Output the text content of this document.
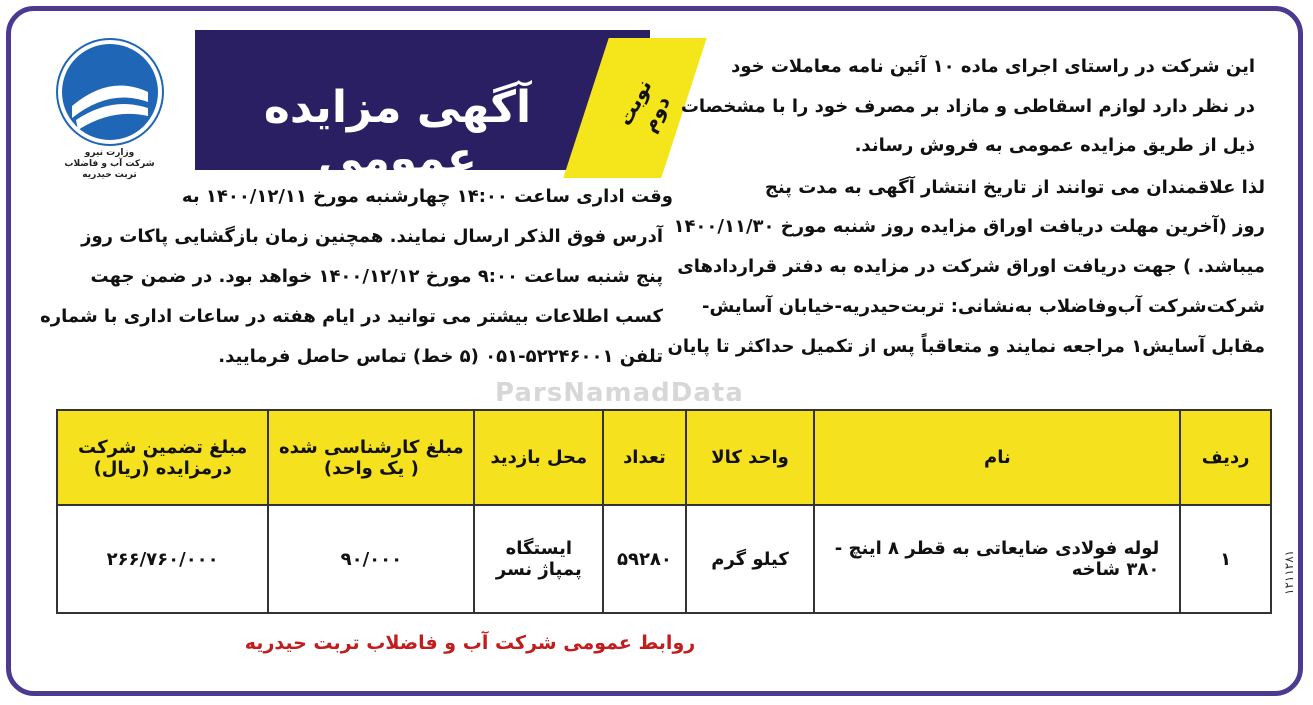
وزارت نیرو
شرکت آب و فاضلاب
تربت حیدریه
آگهی مزایده عمومی
نوبت دوم
این شرکت در راستای اجرای ماده ۱۰ آئین نامه معاملات خود
در نظر دارد لوازم اسقاطی و مازاد بر مصرف خود را با مشخصات
ذیل از طریق مزایده عمومی به فروش رساند.
لذا علاقمندان می توانند از تاریخ انتشار آگهی به مدت پنج
روز (آخرین مهلت دریافت اوراق مزایده روز شنبه مورخ ۱۴۰۰/۱۱/۳۰
میباشد. ) جهت دریافت اوراق شرکت در مزایده به دفتر قراردادهای
شرکت‌شرکت آب‌وفاضلاب به‌نشانی: تربت‌حیدریه-خیابان آسایش-
مقابل آسایش۱ مراجعه نمایند و متعاقباً پس از تکمیل حداکثر تا پایان
وقت اداری ساعت ۱۴:۰۰ چهارشنبه مورخ ۱۴۰۰/۱۲/۱۱ به
آدرس فوق الذکر ارسال نمایند. همچنین زمان بازگشایی پاکات روز
پنج شنبه ساعت ۹:۰۰ مورخ ۱۴۰۰/۱۲/۱۲ خواهد بود. در ضمن جهت
کسب اطلاعات بیشتر می توانید در ایام هفته در ساعات اداری با شماره
تلفن ۵۲۲۴۶۰۰۱-۰۵۱ (۵ خط) تماس حاصل فرمایید.
ParsNamadData
ردیف	نام	واحد کالا	تعداد	محل بازدید	مبلغ کارشناسی شده ( یک واحد)	مبلغ تضمین شرکت درمزایده (ریال)
۱	لوله فولادی ضایعاتی به قطر ۸ اینچ - ۳۸۰ شاخه	کیلو گرم	۵۹۲۸۰	ایستگاه پمپاژ نسر	۹۰/۰۰۰	۲۶۶/۷۶۰/۰۰۰
روابط عمومی شرکت آب و فاضلاب تربت حیدریه
۱۲۱۱۲۸۱
